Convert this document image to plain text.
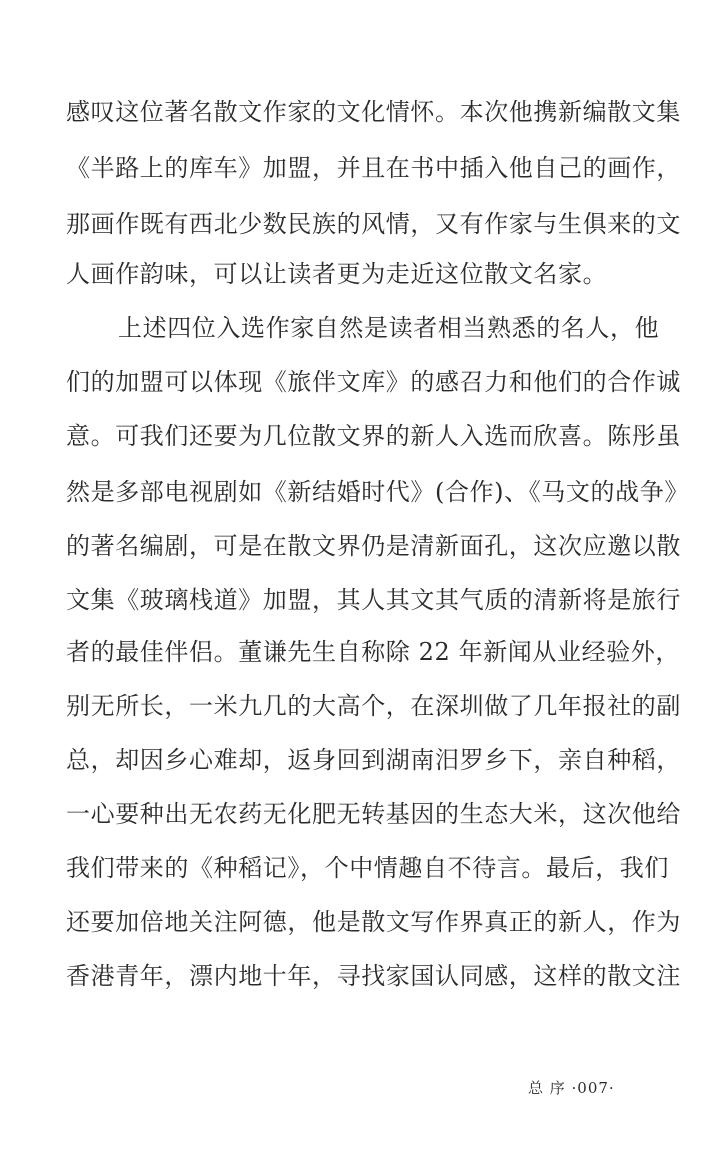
感叹这位著名散文作家的文化情怀。本次他携新编散文集
《半路上的库车》加盟，并且在书中插入他自己的画作，
那画作既有西北少数民族的风情，又有作家与生俱来的文
人画作韵味，可以让读者更为走近这位散文名家。
上述四位入选作家自然是读者相当熟悉的名人，他
们的加盟可以体现《旅伴文库》的感召力和他们的合作诚
意。可我们还要为几位散文界的新人入选而欣喜。陈彤虽
然是多部电视剧如《新结婚时代》(合作)、《马文的战争》
的著名编剧，可是在散文界仍是清新面孔，这次应邀以散
文集《玻璃栈道》加盟，其人其文其气质的清新将是旅行
者的最佳伴侣。董谦先生自称除 22 年新闻从业经验外，
别无所长，一米九几的大高个，在深圳做了几年报社的副
总，却因乡心难却，返身回到湖南汨罗乡下，亲自种稻，
一心要种出无农药无化肥无转基因的生态大米，这次他给
我们带来的《种稻记》，个中情趣自不待言。最后，我们
还要加倍地关注阿德，他是散文写作界真正的新人，作为
香港青年，漂内地十年，寻找家国认同感，这样的散文注
总 序 ·007·
